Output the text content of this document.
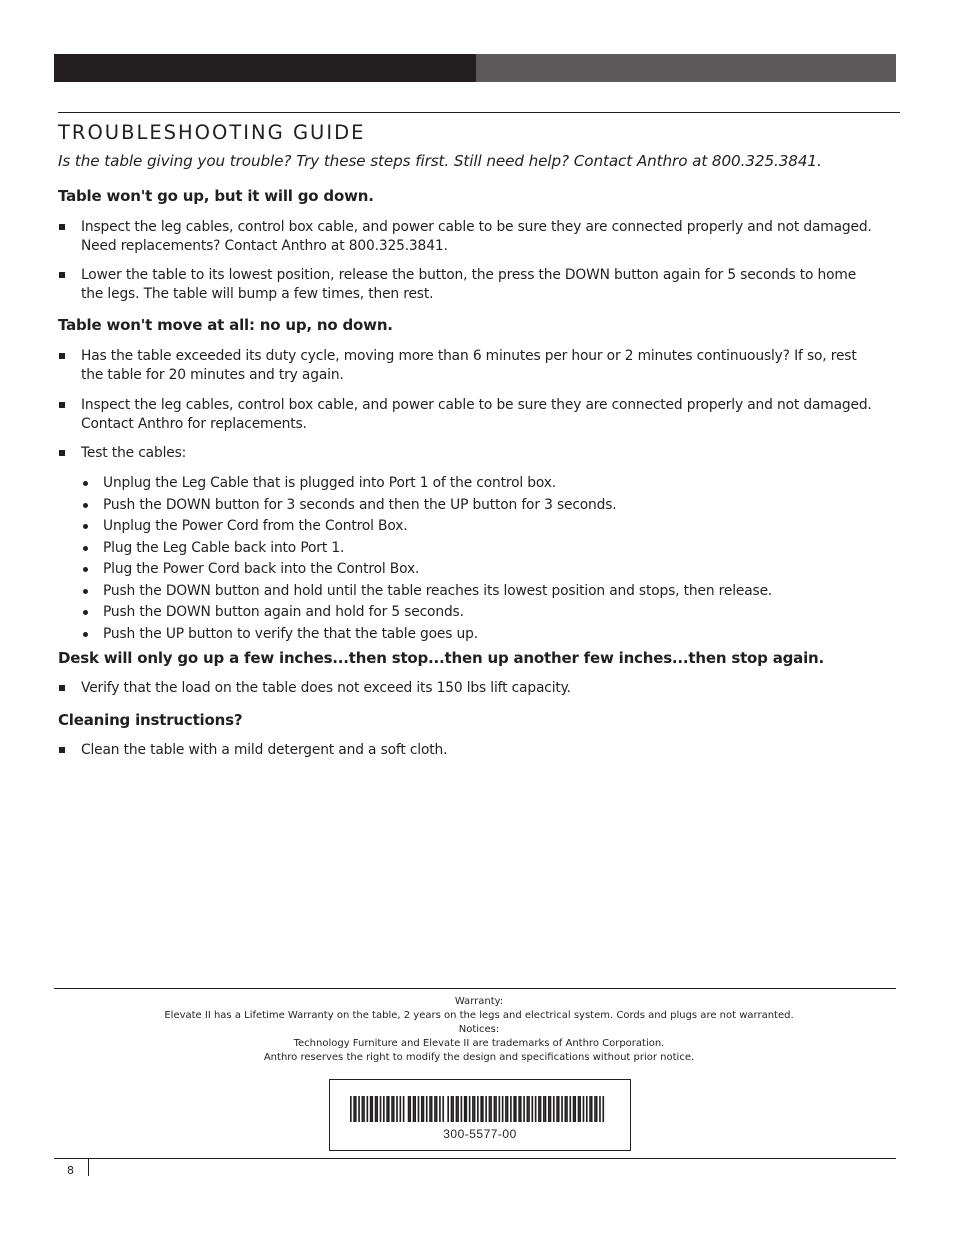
TROUBLESHOOTING GUIDE

Is the table giving you trouble? Try these steps first. Still need help? Contact Anthro at 800.325.3841.

Table won't go up, but it will go down.
Inspect the leg cables, control box cable, and power cable to be sure they are connected properly and not damaged. Need replacements? Contact Anthro at 800.325.3841.
Lower the table to its lowest position, release the button, the press the DOWN button again for 5 seconds to home the legs. The table will bump a few times, then rest.
Table won't move at all: no up, no down.
Has the table exceeded its duty cycle, moving more than 6 minutes per hour or 2 minutes continuously? If so, rest the table for 20 minutes and try again.
Inspect the leg cables, control box cable, and power cable to be sure they are connected properly and not damaged. Contact Anthro for replacements.
Test the cables:
Unplug the Leg Cable that is plugged into Port 1 of the control box.
Push the DOWN button for 3 seconds and then the UP button for 3 seconds.
Unplug the Power Cord from the Control Box.
Plug the Leg Cable back into Port 1.
Plug the Power Cord back into the Control Box.
Push the DOWN button and hold until the table reaches its lowest position and stops, then release.
Push the DOWN button again and hold for 5 seconds.
Push the UP button to verify the that the table goes up.
Desk will only go up a few inches...then stop...then up another few inches...then stop again.
Verify that the load on the table does not exceed its 150 lbs lift capacity.
Cleaning instructions?
Clean the table with a mild detergent and a soft cloth.
Warranty:
Elevate II has a Lifetime Warranty on the table, 2 years on the legs and electrical system. Cords and plugs are not warranted.
Notices:
Technology Furniture and Elevate II are trademarks of Anthro Corporation.
Anthro reserves the right to modify the design and specifications without prior notice.
300-5577-00
8
